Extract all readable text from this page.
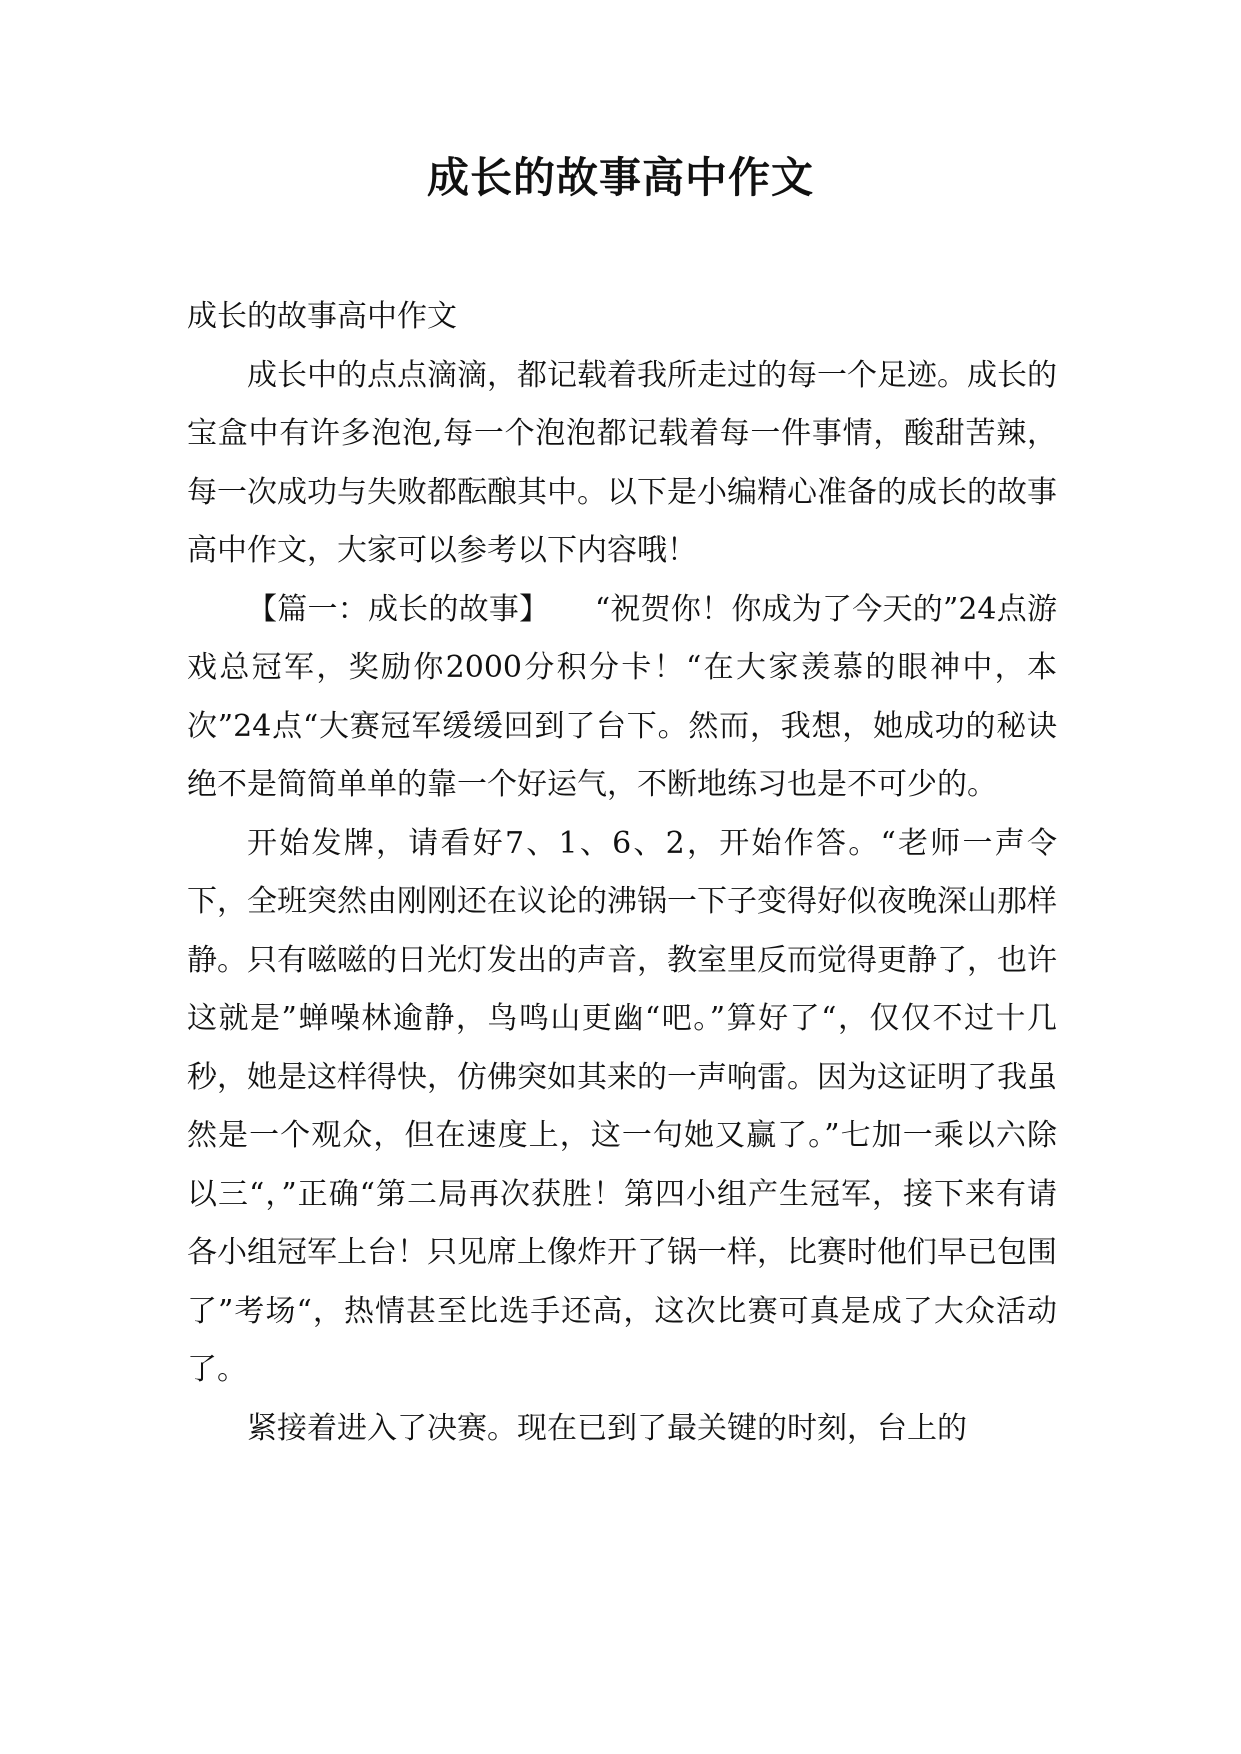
成长的故事高中作文

成长的故事高中作文

成长中的点点滴滴，都记载着我所走过的每一个足迹。成长的宝盒中有许多泡泡,每一个泡泡都记载着每一件事情，酸甜苦辣，每一次成功与失败都酝酿其中。以下是小编精心准备的成长的故事高中作文，大家可以参考以下内容哦！

【篇一：成长的故事】　　“祝贺你！你成为了今天的”24点游戏总冠军，奖励你2000分积分卡！“在大家羡慕的眼神中，本次”24点“大赛冠军缓缓回到了台下。然而，我想，她成功的秘诀绝不是简简单单的靠一个好运气，不断地练习也是不可少的。

开始发牌，请看好7、1、6、2，开始作答。“老师一声令下，全班突然由刚刚还在议论的沸锅一下子变得好似夜晚深山那样静。只有嗞嗞的日光灯发出的声音，教室里反而觉得更静了，也许这就是”蝉噪林逾静，鸟鸣山更幽“吧。”算好了“，仅仅不过十几秒，她是这样得快，仿佛突如其来的一声响雷。因为这证明了我虽然是一个观众，但在速度上，这一句她又赢了。”七加一乘以六除以三“，”正确“第二局再次获胜！第四小组产生冠军，接下来有请各小组冠军上台！只见席上像炸开了锅一样，比赛时他们早已包围了”考场“，热情甚至比选手还高，这次比赛可真是成了大众活动了。

紧接着进入了决赛。现在已到了最关键的时刻，台上的
